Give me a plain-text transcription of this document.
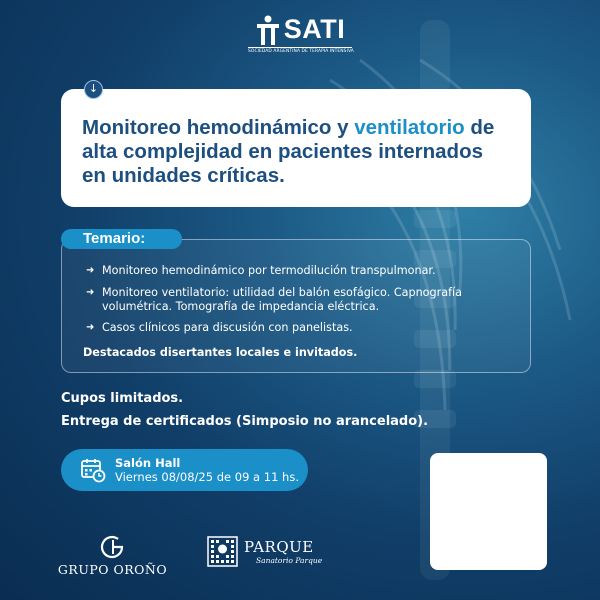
SATI
SOCIEDAD ARGENTINA DE TERAPIA INTENSIVA
↓
Monitoreo hemodinámico y ventilatorio de alta complejidad en pacientes internados en unidades críticas.
Temario:
➜ Monitoreo hemodinámico por termodilución transpulmonar.
➜ Monitoreo ventilatorio: utilidad del balón esofágico. Capnografía volumétrica. Tomografía de impedancia eléctrica.
➜ Casos clínicos para discusión con panelistas.
Destacados disertantes locales e invitados.
Cupos limitados.
Entrega de certificados (Simposio no arancelado).
Salón Hall
Viernes 08/08/25 de 09 a 11 hs.
GRUPO OROÑO
PARQUE
Sanatorio Parque
